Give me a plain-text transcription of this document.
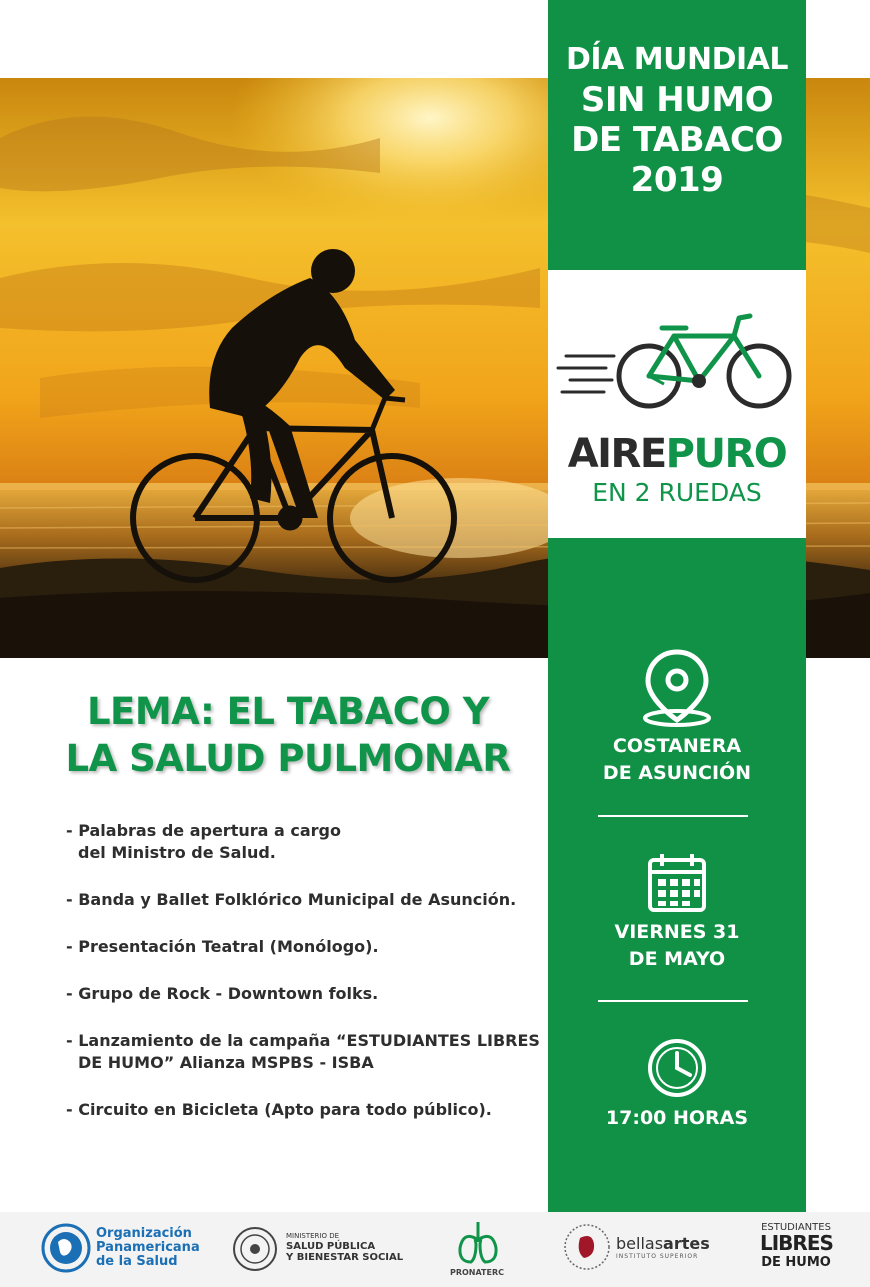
DÍA MUNDIAL
SIN HUMO
DE TABACO
2019
AIREPURO
EN 2 RUEDAS
COSTANERA
DE ASUNCIÓN
VIERNES 31
DE MAYO
17:00 HORAS
LEMA: EL TABACO Y
LA SALUD PULMONAR
- Palabras de apertura a cargo
del Ministro de Salud.
- Banda y Ballet Folklórico Municipal de Asunción.
- Presentación Teatral (Monólogo).
- Grupo de Rock - Downtown folks.
- Lanzamiento de la campaña “ESTUDIANTES LIBRES
DE HUMO” Alianza MSPBS - ISBA
- Circuito en Bicicleta (Apto para todo público).
Organización
Panamericana
de la Salud
MINISTERIO DE
SALUD PÚBLICA
Y BIENESTAR SOCIAL
PRONATERC
bellasartes
INSTITUTO SUPERIOR
ESTUDIANTES
LIBRES
DE HUMO
